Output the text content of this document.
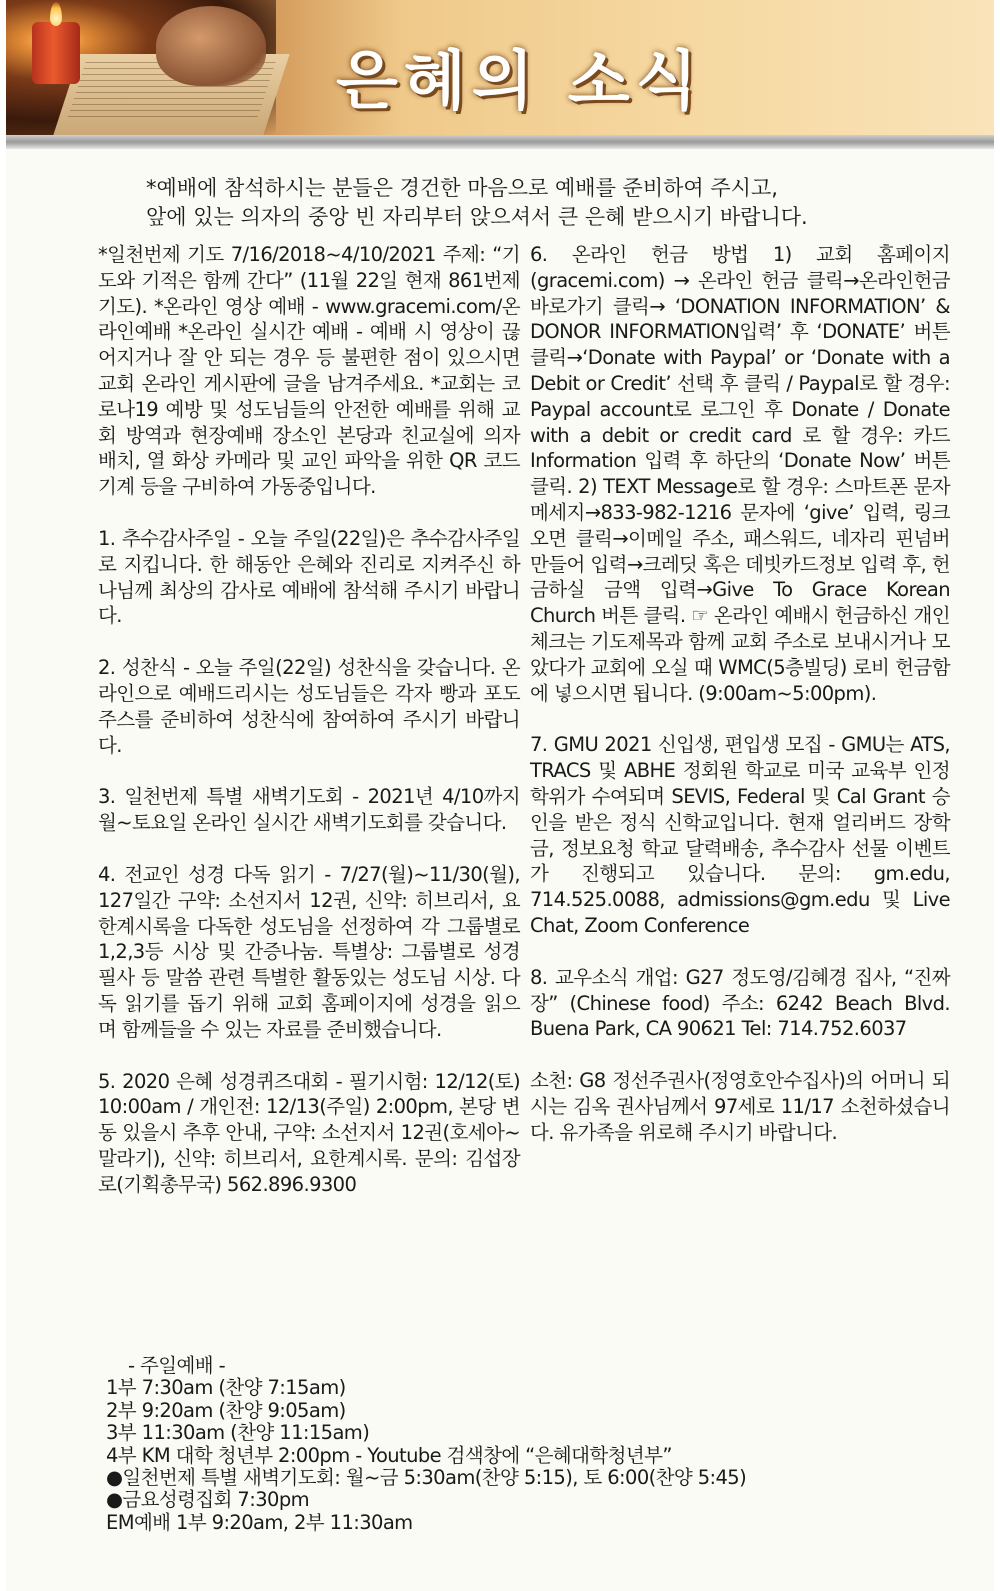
은혜의 소식
*예배에 참석하시는 분들은 경건한 마음으로 예배를 준비하여 주시고,
앞에 있는 의자의 중앙 빈 자리부터 앉으셔서 큰 은혜 받으시기 바랍니다.

*일천번제 기도 7/16/2018~4/10/2021 주제: “기도와 기적은 함께 간다” (11월 22일 현재 861번제 기도). *온라인 영상 예배 - www.gracemi.com/온라인예배 *온라인 실시간 예배 - 예배 시 영상이 끊어지거나 잘 안 되는 경우 등 불편한 점이 있으시면 교회 온라인 게시판에 글을 남겨주세요. *교회는 코로나19 예방 및 성도님들의 안전한 예배를 위해 교회 방역과 현장예배 장소인 본당과 친교실에 의자 배치, 열 화상 카메라 및 교인 파악을 위한 QR 코드 기계 등을 구비하여 가동중입니다.

1. 추수감사주일 - 오늘 주일(22일)은 추수감사주일로 지킵니다. 한 해동안 은혜와 진리로 지켜주신 하나님께 최상의 감사로 예배에 참석해 주시기 바랍니다.

2. 성찬식 - 오늘 주일(22일) 성찬식을 갖습니다. 온라인으로 예배드리시는 성도님들은 각자 빵과 포도주스를 준비하여 성찬식에 참여하여 주시기 바랍니다.

3. 일천번제 특별 새벽기도회 - 2021년 4/10까지 월~토요일 온라인 실시간 새벽기도회를 갖습니다.

4. 전교인 성경 다독 읽기 - 7/27(월)~11/30(월), 127일간 구약: 소선지서 12권, 신약: 히브리서, 요한계시록을 다독한 성도님을 선정하여 각 그룹별로 1,2,3등 시상 및 간증나눔. 특별상: 그룹별로 성경 필사 등 말씀 관련 특별한 활동있는 성도님 시상. 다독 읽기를 돕기 위해 교회 홈페이지에 성경을 읽으며 함께들을 수 있는 자료를 준비했습니다.

5. 2020 은혜 성경퀴즈대회 - 필기시험: 12/12(토) 10:00am / 개인전: 12/13(주일) 2:00pm, 본당 변동 있을시 추후 안내, 구약: 소선지서 12권(호세아~말라기), 신약: 히브리서, 요한계시록. 문의: 김섭장로(기획총무국) 562.896.9300

6. 온라인 헌금 방법 1) 교회 홈페이지(gracemi.com) → 온라인 헌금 클릭→온라인헌금 바로가기 클릭→ ‘DONATION INFORMATION’ & DONOR INFORMATION입력’ 후 ‘DONATE’ 버튼 클릭→‘Donate with Paypal’ or ‘Donate with a Debit or Credit’ 선택 후 클릭 / Paypal로 할 경우: Paypal account로 로그인 후 Donate / Donate with a debit or credit card 로 할 경우: 카드 Information 입력 후 하단의 ‘Donate Now’ 버튼 클릭. 2) TEXT Message로 할 경우: 스마트폰 문자 메세지→833-982-1216 문자에 ‘give’ 입력, 링크오면 클릭→이메일 주소, 패스워드, 네자리 핀넘버 만들어 입력→크레딧 혹은 데빗카드정보 입력 후, 헌금하실 금액 입력→Give To Grace Korean Church 버튼 클릭. ☞ 온라인 예배시 헌금하신 개인 체크는 기도제목과 함께 교회 주소로 보내시거나 모았다가 교회에 오실 때 WMC(5층빌딩) 로비 헌금함에 넣으시면 됩니다. (9:00am~5:00pm).

7. GMU 2021 신입생, 편입생 모집 - GMU는 ATS, TRACS 및 ABHE 정회원 학교로 미국 교육부 인정 학위가 수여되며 SEVIS, Federal 및 Cal Grant 승인을 받은 정식 신학교입니다. 현재 얼리버드 장학금, 정보요청 학교 달력배송, 추수감사 선물 이벤트가 진행되고 있습니다. 문의: gm.edu, 714.525.0088, admissions@gm.edu 및 Live Chat, Zoom Conference

8. 교우소식 개업: G27 정도영/김혜경 집사, “진짜장” (Chinese food) 주소: 6242 Beach Blvd. Buena Park, CA 90621 Tel: 714.752.6037

소천: G8 정선주권사(정영호안수집사)의 어머니 되시는 김옥 권사님께서 97세로 11/17 소천하셨습니다. 유가족을 위로해 주시기 바랍니다.

- 주일예배 -

1부 7:30am (찬양 7:15am)

2부 9:20am (찬양 9:05am)

3부 11:30am (찬양 11:15am)

4부 KM 대학 청년부 2:00pm - Youtube 검색창에 “은혜대학청년부”

●일천번제 특별 새벽기도회: 월~금 5:30am(찬양 5:15), 토 6:00(찬양 5:45)

●금요성령집회 7:30pm

EM예배 1부 9:20am, 2부 11:30am
